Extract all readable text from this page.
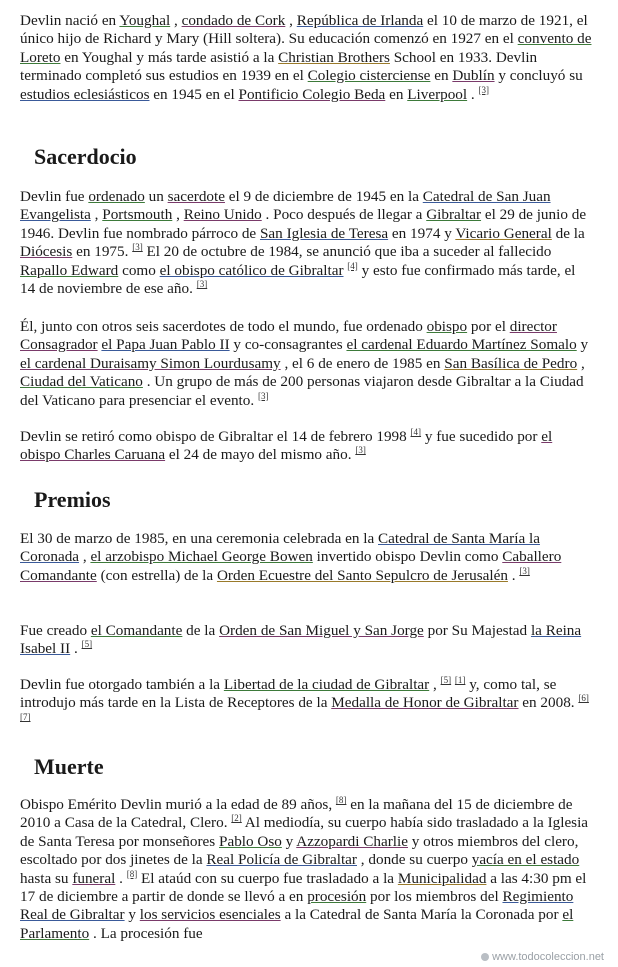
Devlin nació en Youghal , condado de Cork , República de Irlanda el 10 de marzo de 1921, el único hijo de Richard y Mary (Hill soltera). Su educación comenzó en 1927 en el convento de Loreto en Youghal y más tarde asistió a la Christian Brothers School en 1933. Devlin terminado completó sus estudios en 1939 en el Colegio cisterciense en Dublín y concluyó su estudios eclesiásticos en 1945 en el Pontificio Colegio Beda en Liverpool . [3]

Sacerdocio

Devlin fue ordenado un sacerdote el 9 de diciembre de 1945 en la Catedral de San Juan Evangelista , Portsmouth , Reino Unido . Poco después de llegar a Gibraltar el 29 de junio de 1946. Devlin fue nombrado párroco de San Iglesia de Teresa en 1974 y Vicario General de la Diócesis en 1975. [3] El 20 de octubre de 1984, se anunció que iba a suceder al fallecido Rapallo Edward como el obispo católico de Gibraltar [4] y esto fue confirmado más tarde, el 14 de noviembre de ese año. [3]

Él, junto con otros seis sacerdotes de todo el mundo, fue ordenado obispo por el director Consagrador el Papa Juan Pablo II y co-consagrantes el cardenal Eduardo Martínez Somalo y el cardenal Duraisamy Simon Lourdusamy , el 6 de enero de 1985 en San Basílica de Pedro , Ciudad del Vaticano . Un grupo de más de 200 personas viajaron desde Gibraltar a la Ciudad del Vaticano para presenciar el evento. [3]

Devlin se retiró como obispo de Gibraltar el 14 de febrero 1998 [4] y fue sucedido por el obispo Charles Caruana el 24 de mayo del mismo año. [3]

Premios

El 30 de marzo de 1985, en una ceremonia celebrada en la Catedral de Santa María la Coronada , el arzobispo Michael George Bowen invertido obispo Devlin como Caballero Comandante (con estrella) de la Orden Ecuestre del Santo Sepulcro de Jerusalén . [3]

Fue creado el Comandante de la Orden de San Miguel y San Jorge por Su Majestad la Reina Isabel II . [5]

Devlin fue otorgado también a la Libertad de la ciudad de Gibraltar , [5] [1] y, como tal, se introdujo más tarde en la Lista de Receptores de la Medalla de Honor de Gibraltar en 2008. [6] [7]

Muerte

Obispo Emérito Devlin murió a la edad de 89 años, [8] en la mañana del 15 de diciembre de 2010 a Casa de la Catedral, Clero. [2] Al mediodía, su cuerpo había sido trasladado a la Iglesia de Santa Teresa por monseñores Pablo Oso y Azzopardi Charlie y otros miembros del clero, escoltado por dos jinetes de la Real Policía de Gibraltar , donde su cuerpo yacía en el estado hasta su funeral . [8] El ataúd con su cuerpo fue trasladado a la Municipalidad a las 4:30 pm el 17 de diciembre a partir de donde se llevó a en procesión por los miembros del Regimiento Real de Gibraltar y los servicios esenciales a la Catedral de Santa María la Coronada por el Parlamento . La procesión fue

www.todocoleccion.net
